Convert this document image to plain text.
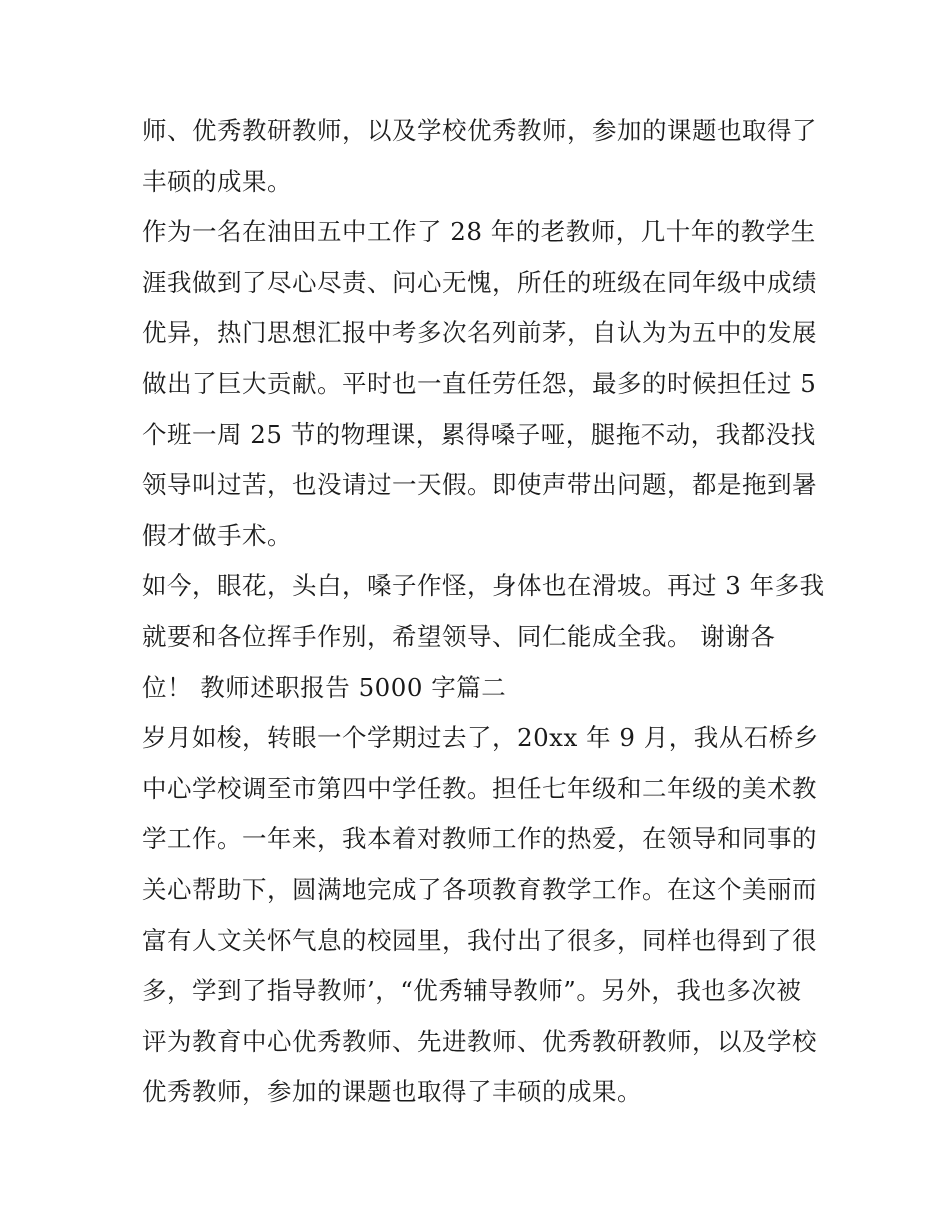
师、优秀教研教师，以及学校优秀教师，参加的课题也取得了
丰硕的成果。
作为一名在油田五中工作了 28 年的老教师，几十年的教学生
涯我做到了尽心尽责、问心无愧，所任的班级在同年级中成绩
优异，热门思想汇报中考多次名列前茅，自认为为五中的发展
做出了巨大贡献。平时也一直任劳任怨，最多的时候担任过 5
个班一周 25 节的物理课，累得嗓子哑，腿拖不动，我都没找
领导叫过苦，也没请过一天假。即使声带出问题，都是拖到暑
假才做手术。
如今，眼花，头白，嗓子作怪，身体也在滑坡。再过 3 年多我
就要和各位挥手作别，希望领导、同仁能成全我。 谢谢各
位！ 教师述职报告 5000 字篇二
岁月如梭，转眼一个学期过去了，20xx 年 9 月，我从石桥乡
中心学校调至市第四中学任教。担任七年级和二年级的美术教
学工作。一年来，我本着对教师工作的热爱，在领导和同事的
关心帮助下，圆满地完成了各项教育教学工作。在这个美丽而
富有人文关怀气息的校园里，我付出了很多，同样也得到了很
多，学到了指导教师’，“优秀辅导教师”。另外，我也多次被
评为教育中心优秀教师、先进教师、优秀教研教师，以及学校
优秀教师，参加的课题也取得了丰硕的成果。
